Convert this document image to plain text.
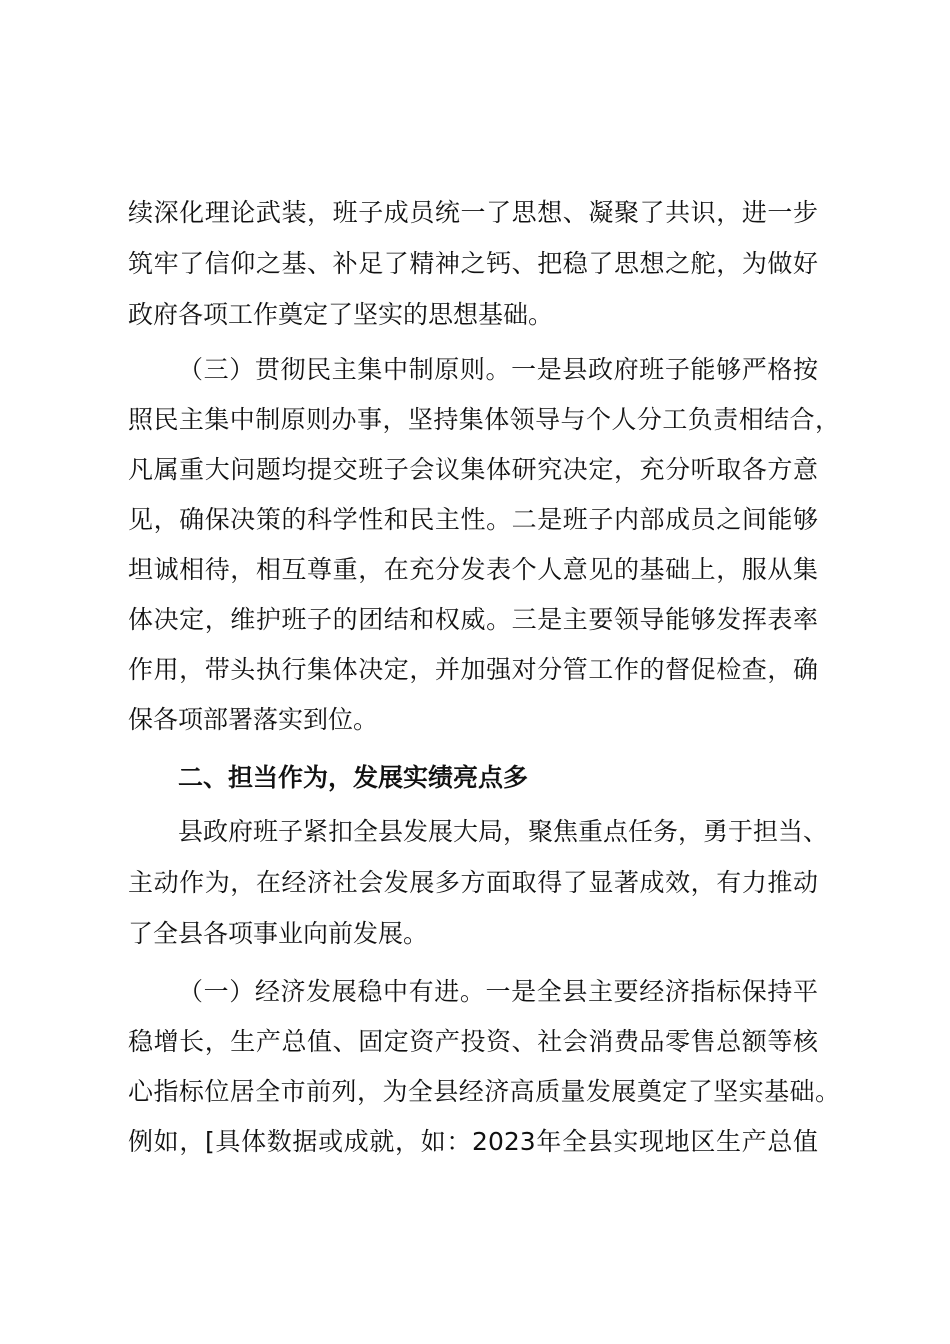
续深化理论武装，班子成员统一了思想、凝聚了共识，进一步
筑牢了信仰之基、补足了精神之钙、把稳了思想之舵，为做好
政府各项工作奠定了坚实的思想基础。
（三）贯彻民主集中制原则。一是县政府班子能够严格按
照民主集中制原则办事，坚持集体领导与个人分工负责相结合，
凡属重大问题均提交班子会议集体研究决定，充分听取各方意
见，确保决策的科学性和民主性。二是班子内部成员之间能够
坦诚相待，相互尊重，在充分发表个人意见的基础上，服从集
体决定，维护班子的团结和权威。三是主要领导能够发挥表率
作用，带头执行集体决定，并加强对分管工作的督促检查，确
保各项部署落实到位。
二、担当作为，发展实绩亮点多
县政府班子紧扣全县发展大局，聚焦重点任务，勇于担当、
主动作为，在经济社会发展多方面取得了显著成效，有力推动
了全县各项事业向前发展。
（一）经济发展稳中有进。一是全县主要经济指标保持平
稳增长，生产总值、固定资产投资、社会消费品零售总额等核
心指标位居全市前列，为全县经济高质量发展奠定了坚实基础。
例如，[具体数据或成就，如：2023年全县实现地区生产总值
